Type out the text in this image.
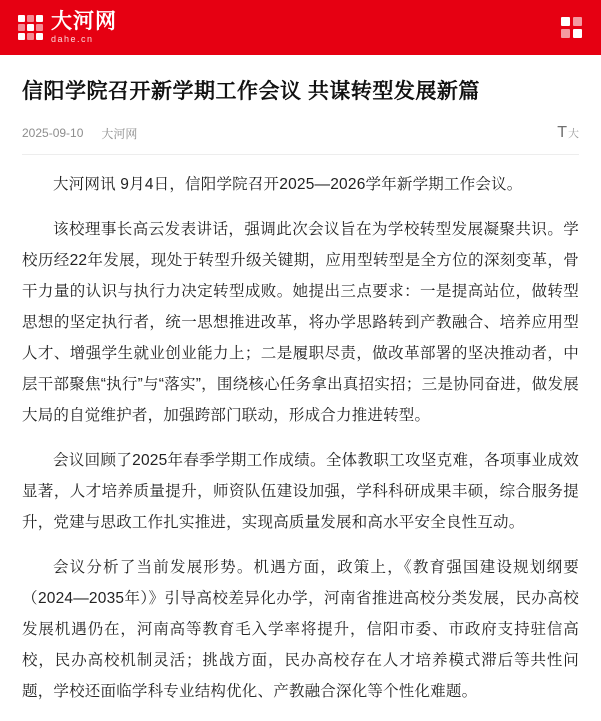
大河网
dahe.cn
信阳学院召开新学期工作会议 共谋转型发展新篇
2025-09-10 大河网	T 大

大河网讯 9月4日，信阳学院召开2025—2026学年新学期工作会议。

该校理事长高云发表讲话，强调此次会议旨在为学校转型发展凝聚共识。学校历经22年发展，现处于转型升级关键期，应用型转型是全方位的深刻变革，骨干力量的认识与执行力决定转型成败。她提出三点要求：一是提高站位，做转型思想的坚定执行者，统一思想推进改革，将办学思路转到产教融合、培养应用型人才、增强学生就业创业能力上；二是履职尽责，做改革部署的坚决推动者，中层干部聚焦“执行”与“落实”，围绕核心任务拿出真招实招；三是协同奋进，做发展大局的自觉维护者，加强跨部门联动，形成合力推进转型。

会议回顾了2025年春季学期工作成绩。全体教职工攻坚克难，各项事业成效显著，人才培养质量提升，师资队伍建设加强，学科科研成果丰硕，综合服务提升，党建与思政工作扎实推进，实现高质量发展和高水平安全良性互动。

会议分析了当前发展形势。机遇方面，政策上，《教育强国建设规划纲要（2024—2035年）》引导高校差异化办学，河南省推进高校分类发展，民办高校发展机遇仍在，河南高等教育毛入学率将提升，信阳市委、市政府支持驻信高校，民办高校机制灵活；挑战方面，民办高校存在人才培养模式滞后等共性问题，学校还面临学科专业结构优化、产教融合深化等个性化难题。
